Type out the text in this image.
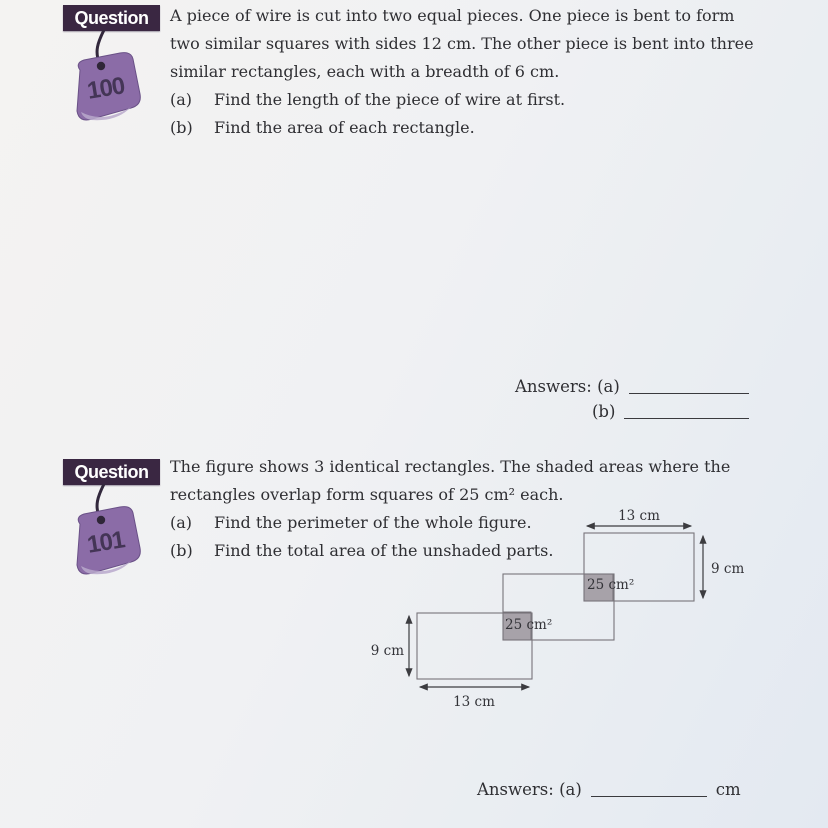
Question
100
A piece of wire is cut into two equal pieces. One piece is bent to form
two similar squares with sides 12 cm. The other piece is bent into three
similar rectangles, each with a breadth of 6 cm.
(a) Find the length of the piece of wire at first.
(b) Find the area of each rectangle.
Answers: (a)
(b)
Question
101
The figure shows 3 identical rectangles. The shaded areas where the
rectangles overlap form squares of 25 cm² each.
(a) Find the perimeter of the whole figure.
(b) Find the total area of the unshaded parts.
13 cm
9 cm
9 cm
13 cm
25 cm²
25 cm²
Answers: (a)	cm
